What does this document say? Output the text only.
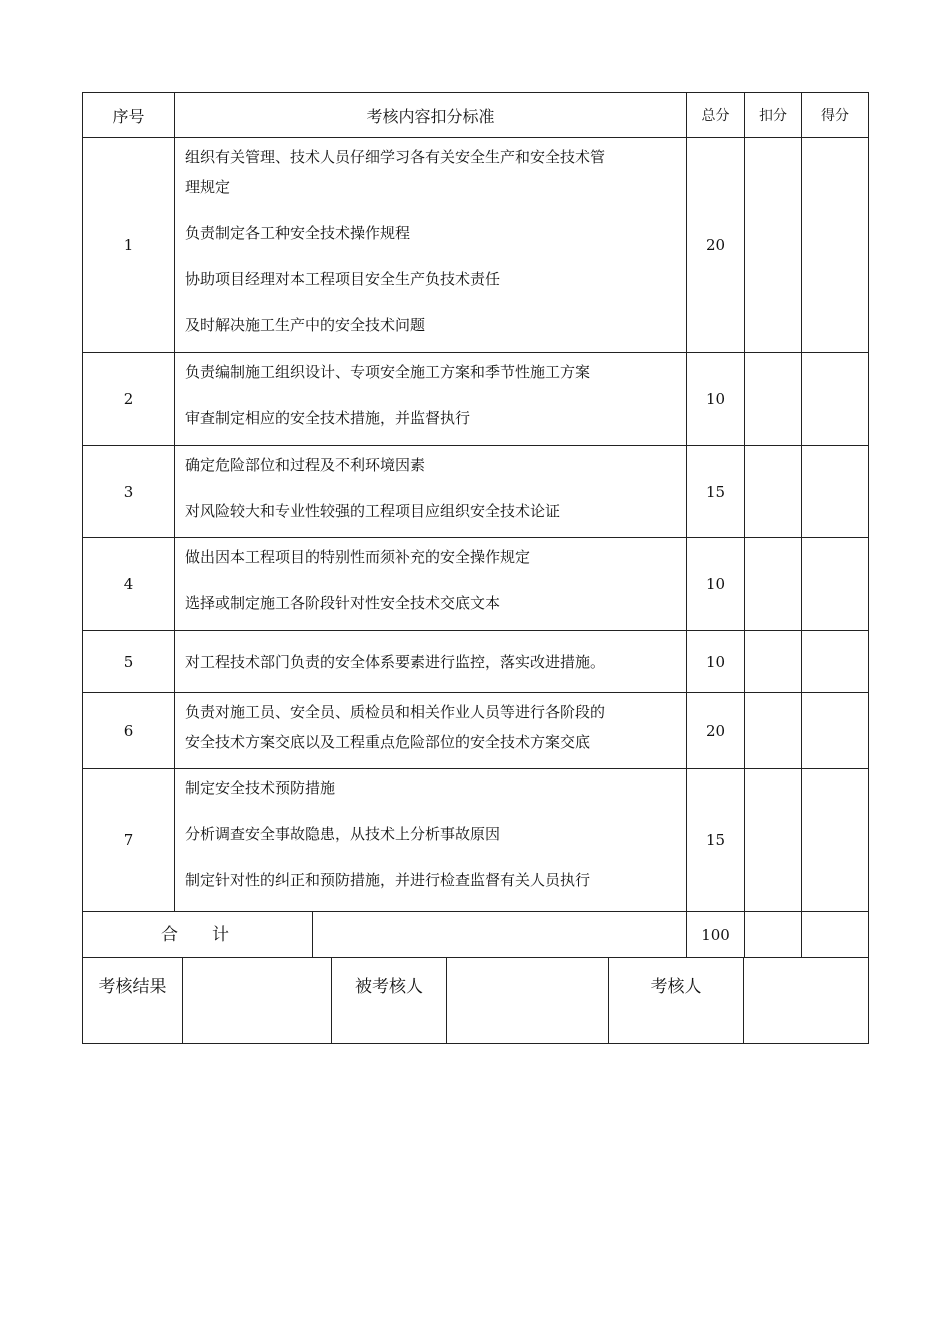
序号	考核内容扣分标准		总分	扣分	得分
1	组织有关管理、技术人员仔细学习各有关安全生产和安全技术管
理规定
负责制定各工种安全技术操作规程
协助项目经理对本工程项目安全生产负技术责任
及时解决施工生产中的安全技术问题		20		
2	负责编制施工组织设计、专项安全施工方案和季节性施工方案
审查制定相应的安全技术措施，并监督执行		10		
3	确定危险部位和过程及不利环境因素
对风险较大和专业性较强的工程项目应组织安全技术论证		15		
4	做出因本工程项目的特别性而须补充的安全操作规定
选择或制定施工各阶段针对性安全技术交底文本		10		
5	对工程技术部门负责的安全体系要素进行监控，落实改进措施。		10		
6	负责对施工员、安全员、质检员和相关作业人员等进行各阶段的
安全技术方案交底以及工程重点危险部位的安全技术方案交底		20		
7	制定安全技术预防措施
分析调查安全事故隐患，从技术上分析事故原因
制定针对性的纠正和预防措施，并进行检查监督有关人员执行		15		
合　　计			100		
考核结果		被考核人		考核人	
